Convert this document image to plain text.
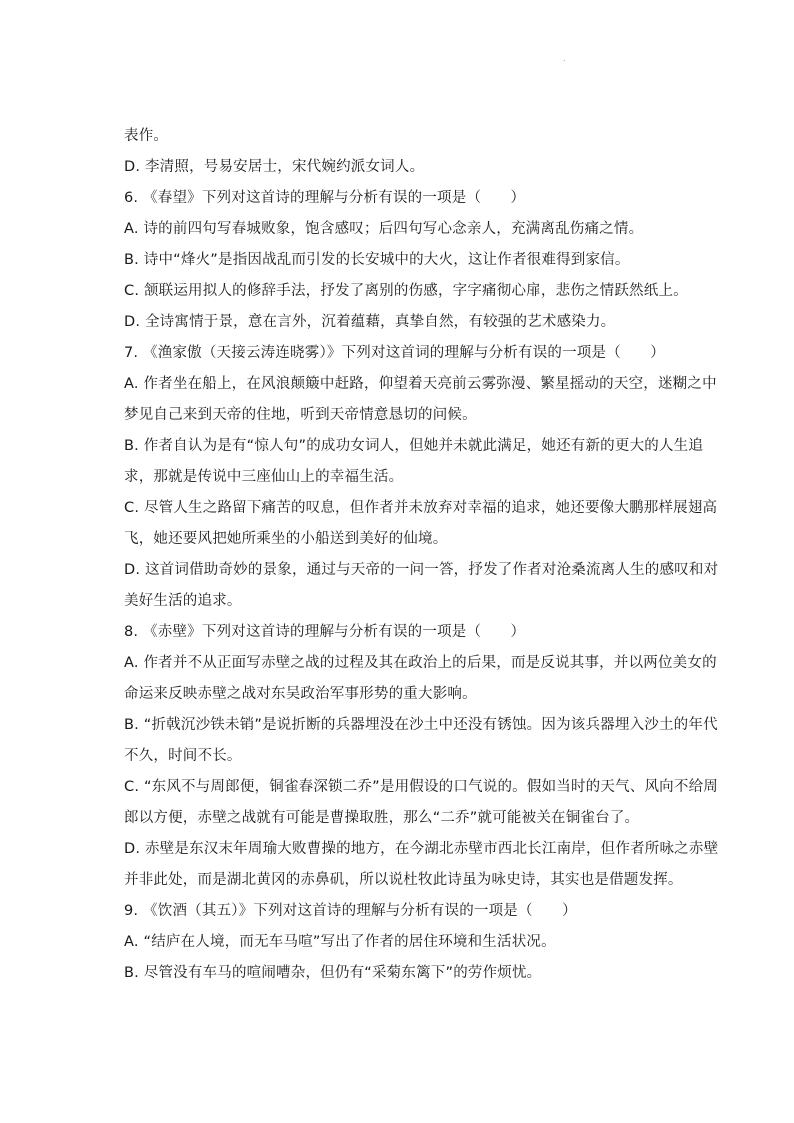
.
表作。
D. 李清照，号易安居士，宋代婉约派女词人。
6. 《春望》下列对这首诗的理解与分析有误的一项是（　　）
A. 诗的前四句写春城败象，饱含感叹；后四句写心念亲人，充满离乱伤痛之情。
B. 诗中“烽火”是指因战乱而引发的长安城中的大火，这让作者很难得到家信。
C. 颔联运用拟人的修辞手法，抒发了离别的伤感，字字痛彻心扉，悲伤之情跃然纸上。
D. 全诗寓情于景，意在言外，沉着蕴藉，真挚自然，有较强的艺术感染力。
7. 《渔家傲（天接云涛连晓雾）》下列对这首词的理解与分析有误的一项是（　　）
A. 作者坐在船上，在风浪颠簸中赶路，仰望着天亮前云雾弥漫、繁星摇动的天空，迷糊之中
梦见自己来到天帝的住地，听到天帝情意恳切的问候。
B. 作者自认为是有“惊人句”的成功女词人，但她并未就此满足，她还有新的更大的人生追
求，那就是传说中三座仙山上的幸福生活。
C. 尽管人生之路留下痛苦的叹息，但作者并未放弃对幸福的追求，她还要像大鹏那样展翅高
飞，她还要风把她所乘坐的小船送到美好的仙境。
D. 这首词借助奇妙的景象，通过与天帝的一问一答，抒发了作者对沧桑流离人生的感叹和对
美好生活的追求。
8. 《赤壁》下列对这首诗的理解与分析有误的一项是（　　）
A. 作者并不从正面写赤壁之战的过程及其在政治上的后果，而是反说其事，并以两位美女的
命运来反映赤壁之战对东吴政治军事形势的重大影响。
B. “折戟沉沙铁未销”是说折断的兵器埋没在沙土中还没有锈蚀。因为该兵器埋入沙土的年代
不久，时间不长。
C. “东风不与周郎便，铜雀春深锁二乔”是用假设的口气说的。假如当时的天气、风向不给周
郎以方便，赤壁之战就有可能是曹操取胜，那么“二乔”就可能被关在铜雀台了。
D. 赤壁是东汉末年周瑜大败曹操的地方，在今湖北赤壁市西北长江南岸，但作者所咏之赤壁
并非此处，而是湖北黄冈的赤鼻矶，所以说杜牧此诗虽为咏史诗，其实也是借题发挥。
9. 《饮酒（其五）》下列对这首诗的理解与分析有误的一项是（　　）
A. “结庐在人境，而无车马喧”写出了作者的居住环境和生活状况。
B. 尽管没有车马的喧闹嘈杂，但仍有“采菊东篱下”的劳作烦忧。
